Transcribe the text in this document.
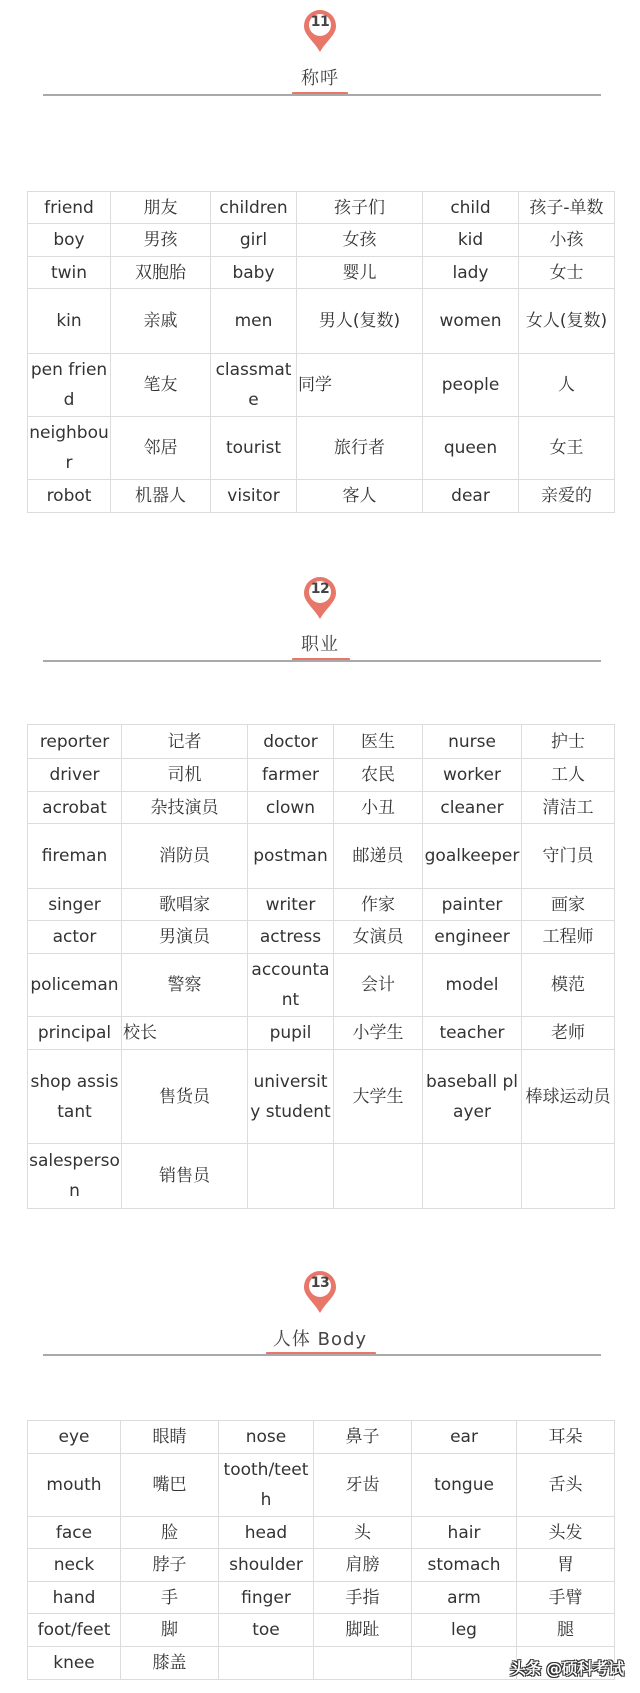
11
称呼
friend	朋友	children	孩子们	child	孩子-单数
boy	男孩	girl	女孩	kid	小孩
twin	双胞胎	baby	婴儿	lady	女士
kin	亲戚	men	男人(复数)	women	女人(复数)
pen friend	笔友	classmate	同学	people	人
neighbour	邻居	tourist	旅行者	queen	女王
robot	机器人	visitor	客人	dear	亲爱的
12
职业
reporter	记者	doctor	医生	nurse	护士
driver	司机	farmer	农民	worker	工人
acrobat	杂技演员	clown	小丑	cleaner	清洁工
fireman	消防员	postman	邮递员	goalkeeper	守门员
singer	歌唱家	writer	作家	painter	画家
actor	男演员	actress	女演员	engineer	工程师
policeman	警察	accountant	会计	model	模范
principal	校长	pupil	小学生	teacher	老师
shop assistant	售货员	university student	大学生	baseball player	棒球运动员
salesperson	销售员				
13
人体 Body
eye	眼睛	nose	鼻子	ear	耳朵
mouth	嘴巴	tooth/teeth	牙齿	tongue	舌头
face	脸	head	头	hair	头发
neck	脖子	shoulder	肩膀	stomach	胃
hand	手	finger	手指	arm	手臂
foot/feet	脚	toe	脚趾	leg	腿
knee	膝盖					头条 @硕科考试
